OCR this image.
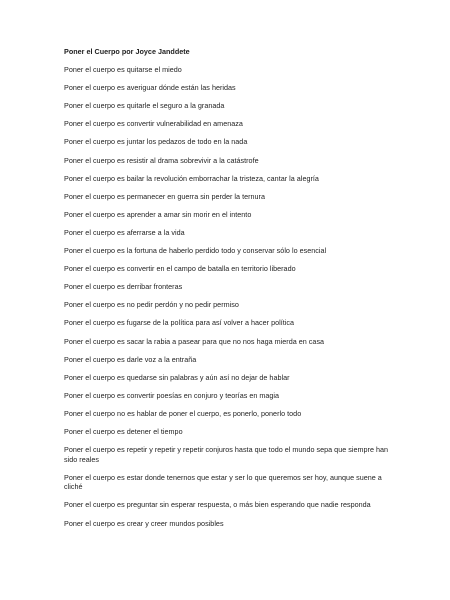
Poner el Cuerpo por Joyce Janddete
Poner el cuerpo es quitarse el miedo
Poner el cuerpo es averiguar dónde están las heridas
Poner el cuerpo es quitarle el seguro a la granada
Poner el cuerpo es convertir vulnerabilidad en amenaza
Poner el cuerpo es juntar los pedazos de todo en la nada
Poner el cuerpo es resistir al drama sobrevivir a la catástrofe
Poner el cuerpo es bailar la revolución emborrachar la tristeza, cantar la alegría
Poner el cuerpo es permanecer en guerra sin perder la ternura
Poner el cuerpo es aprender a amar sin morir en el intento
Poner el cuerpo es aferrarse a la vida
Poner el cuerpo es la fortuna de haberlo perdido todo y conservar sólo lo esencial
Poner el cuerpo es convertir en el campo de batalla en territorio liberado
Poner el cuerpo es derribar fronteras
Poner el cuerpo es no pedir perdón y no pedir permiso
Poner el cuerpo es fugarse de la política para así volver a hacer política
Poner el cuerpo es sacar la rabia a pasear para que no nos haga mierda en casa
Poner el cuerpo es darle voz a la entraña
Poner el cuerpo es quedarse sin palabras y aún así no dejar de hablar
Poner el cuerpo es convertir poesías en conjuro y teorías en magia
Poner el cuerpo no es hablar de poner el cuerpo, es ponerlo, ponerlo todo
Poner el cuerpo es detener el tiempo
Poner el cuerpo es repetir y repetir y repetir conjuros hasta que todo el mundo sepa que siempre han sido reales
Poner el cuerpo es estar donde tenernos que estar y ser lo que queremos ser hoy, aunque suene a cliché
Poner el cuerpo es preguntar sin esperar respuesta, o más bien esperando que nadie responda
Poner el cuerpo es crear y creer mundos posibles
